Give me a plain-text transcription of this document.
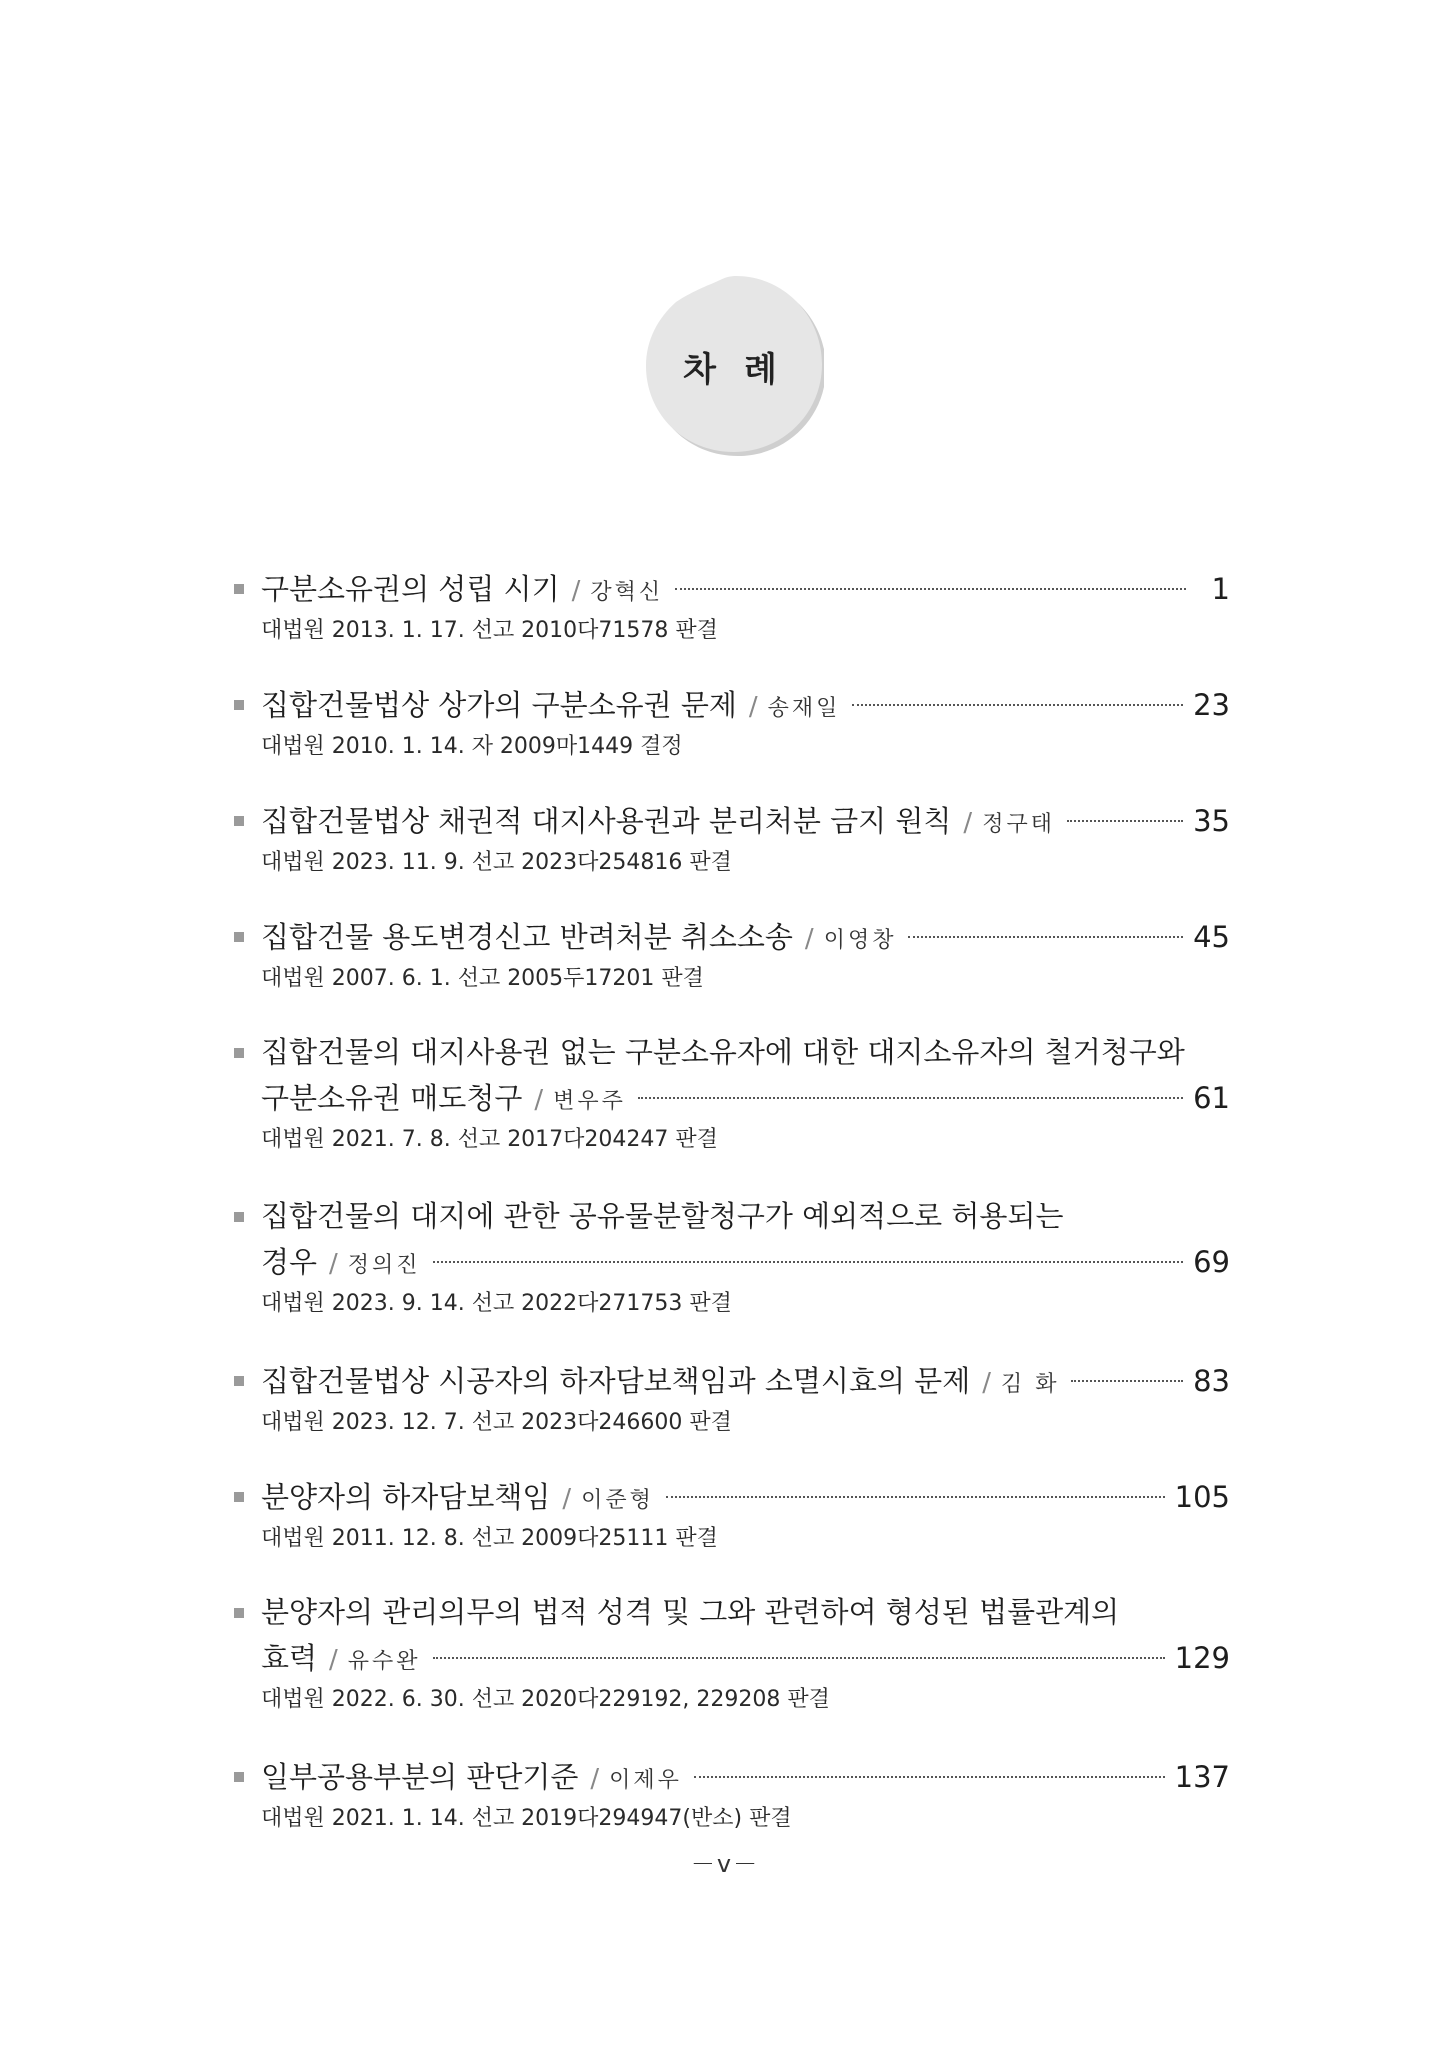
차례
구분소유권의 성립 시기 / 강혁신	1
대법원 2013. 1. 17. 선고 2010다71578 판결
집합건물법상 상가의 구분소유권 문제 / 송재일	23
대법원 2010. 1. 14. 자 2009마1449 결정
집합건물법상 채권적 대지사용권과 분리처분 금지 원칙 / 정구태	35
대법원 2023. 11. 9. 선고 2023다254816 판결
집합건물 용도변경신고 반려처분 취소소송 / 이영창	45
대법원 2007. 6. 1. 선고 2005두17201 판결
집합건물의 대지사용권 없는 구분소유자에 대한 대지소유자의 철거청구와
구분소유권 매도청구 / 변우주	61
대법원 2021. 7. 8. 선고 2017다204247 판결
집합건물의 대지에 관한 공유물분할청구가 예외적으로 허용되는
경우 / 정의진	69
대법원 2023. 9. 14. 선고 2022다271753 판결
집합건물법상 시공자의 하자담보책임과 소멸시효의 문제 / 김 화	83
대법원 2023. 12. 7. 선고 2023다246600 판결
분양자의 하자담보책임 / 이준형	105
대법원 2011. 12. 8. 선고 2009다25111 판결
분양자의 관리의무의 법적 성격 및 그와 관련하여 형성된 법률관계의
효력 / 유수완	129
대법원 2022. 6. 30. 선고 2020다229192, 229208 판결
일부공용부분의 판단기준 / 이제우	137
대법원 2021. 1. 14. 선고 2019다294947(반소) 판결
－ⅴ－
